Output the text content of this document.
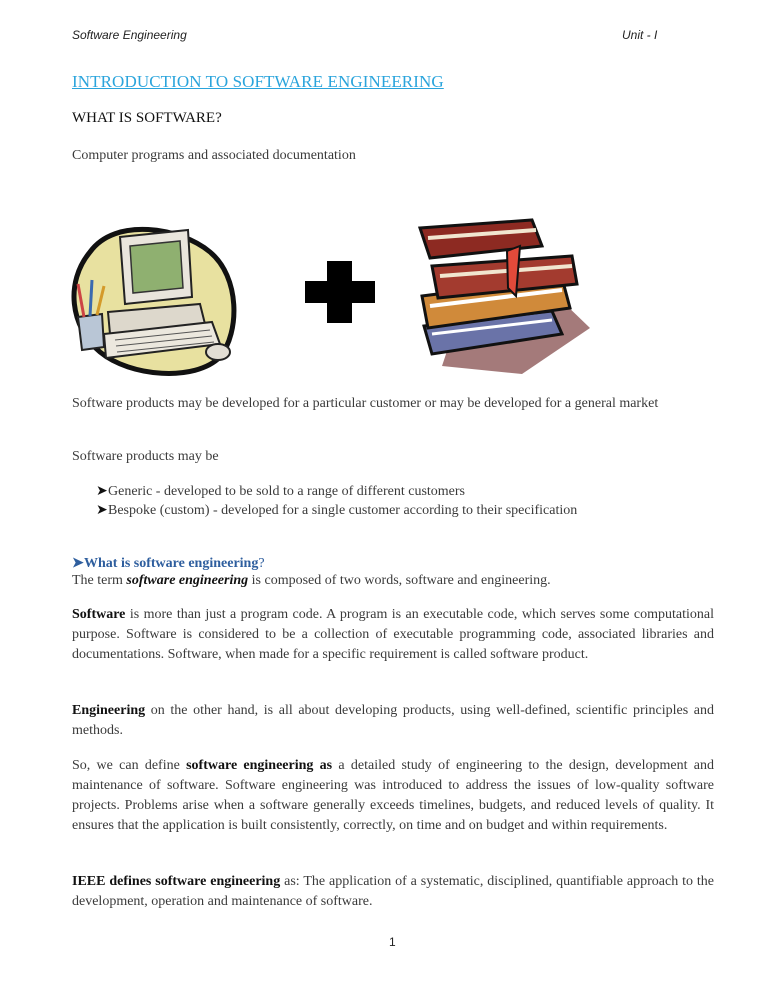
Software Engineering	Unit - I
INTRODUCTION TO SOFTWARE ENGINEERING
WHAT IS SOFTWARE?
Computer programs and associated documentation
Software products may be developed for a particular customer or may be developed for a general market
Software products may be
➤Generic - developed to be sold to a range of different customers
➤Bespoke (custom) - developed for a single customer according to their specification
➤What is software engineering?
The term software engineering is composed of two words, software and engineering.
Software is more than just a program code. A program is an executable code, which serves some computational purpose. Software is considered to be a collection of executable programming code, associated libraries and documentations. Software, when made for a specific requirement is called software product.
Engineering on the other hand, is all about developing products, using well-defined, scientific principles and methods.
So, we can define software engineering as a detailed study of engineering to the design, development and maintenance of software. Software engineering was introduced to address the issues of low-quality software projects. Problems arise when a software generally exceeds timelines, budgets, and reduced levels of quality. It ensures that the application is built consistently, correctly, on time and on budget and within requirements.
IEEE defines software engineering as: The application of a systematic, disciplined, quantifiable approach to the development, operation and maintenance of software.
1
